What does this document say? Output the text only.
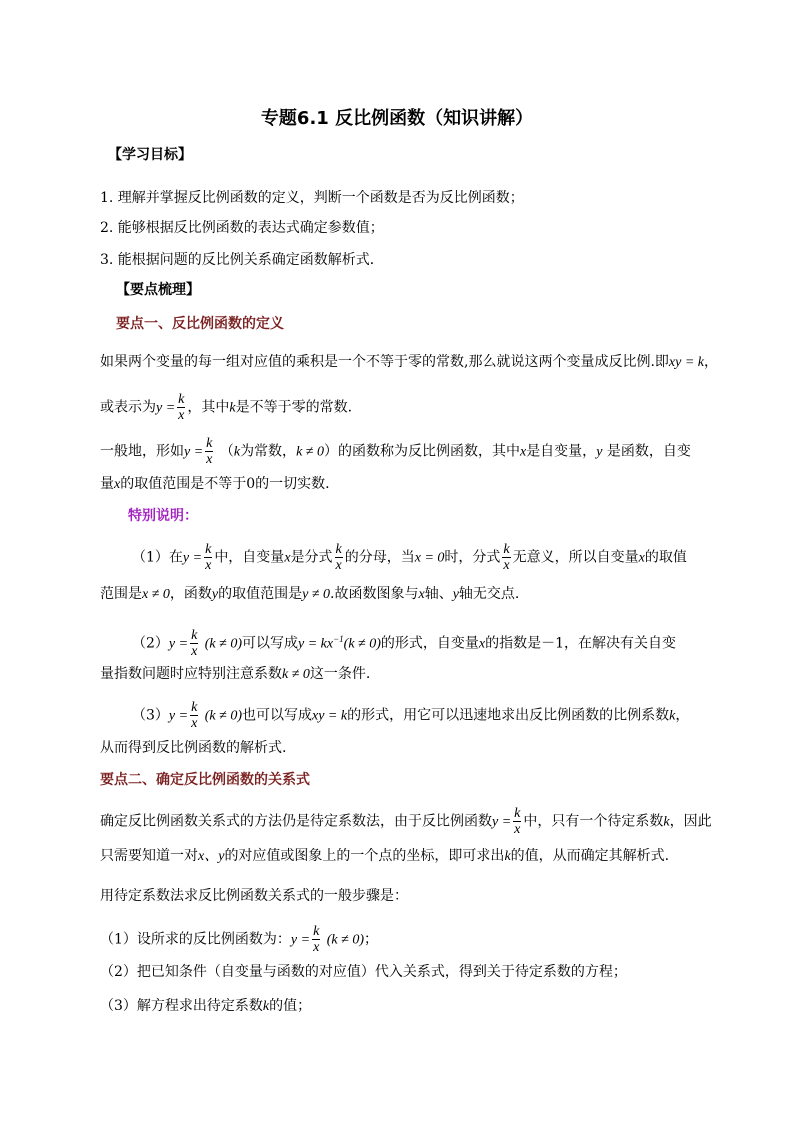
专题6.1 反比例函数（知识讲解）
【学习目标】
1. 理解并掌握反比例函数的定义，判断一个函数是否为反比例函数；
2. 能够根据反比例函数的表达式确定参数值；
3. 能根据问题的反比例关系确定函数解析式．
【要点梳理】
要点一、反比例函数的定义
如果两个变量的每一组对应值的乘积是一个不等于零的常数,那么就说这两个变量成反比例.即xy = k，
或表示为$y = \frac{k}{x}$ ，其中k是不等于零的常数.
一般地，形如$y = \frac{k}{x} (k$为常数，k ≠ 0）的函数称为反比例函数，其中x是自变量，y 是函数，自变
量x的取值范围是不等于0的一切实数.
特别说明：
（1）在$y = \frac{k}{x}$ 中，自变量x是分式 $\frac{k}{x}$ 的分母，当x = 0时，分式 $\frac{k}{x}$ 无意义，所以自变量x的取值
范围是x ≠ 0，函数y的取值范围是y ≠ 0.故函数图象与x轴、y轴无交点.
$(2)y = \frac{k}{x} (k \ne 0)$可以写成$y = kx^{-1}(k \ne 0)$的形式，自变量x的指数是－1，在解决有关自变
量指数问题时应特别注意系数k ≠ 0这一条件.
$(3)y = \frac{k}{x} (k \ne 0)$也可以写成xy = k的形式，用它可以迅速地求出反比例函数的比例系数k，
从而得到反比例函数的解析式.
要点二、确定反比例函数的关系式
确定反比例函数关系式的方法仍是待定系数法，由于反比例函数$y = \frac{k}{x}$ 中，只有一个待定系数k，因此
只需要知道一对x、y的对应值或图象上的一个点的坐标，即可求出k的值，从而确定其解析式.
用待定系数法求反比例函数关系式的一般步骤是：
（1）设所求的反比例函数为：$y = \frac{k}{x} (k \ne 0)$；
（2）把已知条件（自变量与函数的对应值）代入关系式，得到关于待定系数的方程；
（3）解方程求出待定系数k的值；
